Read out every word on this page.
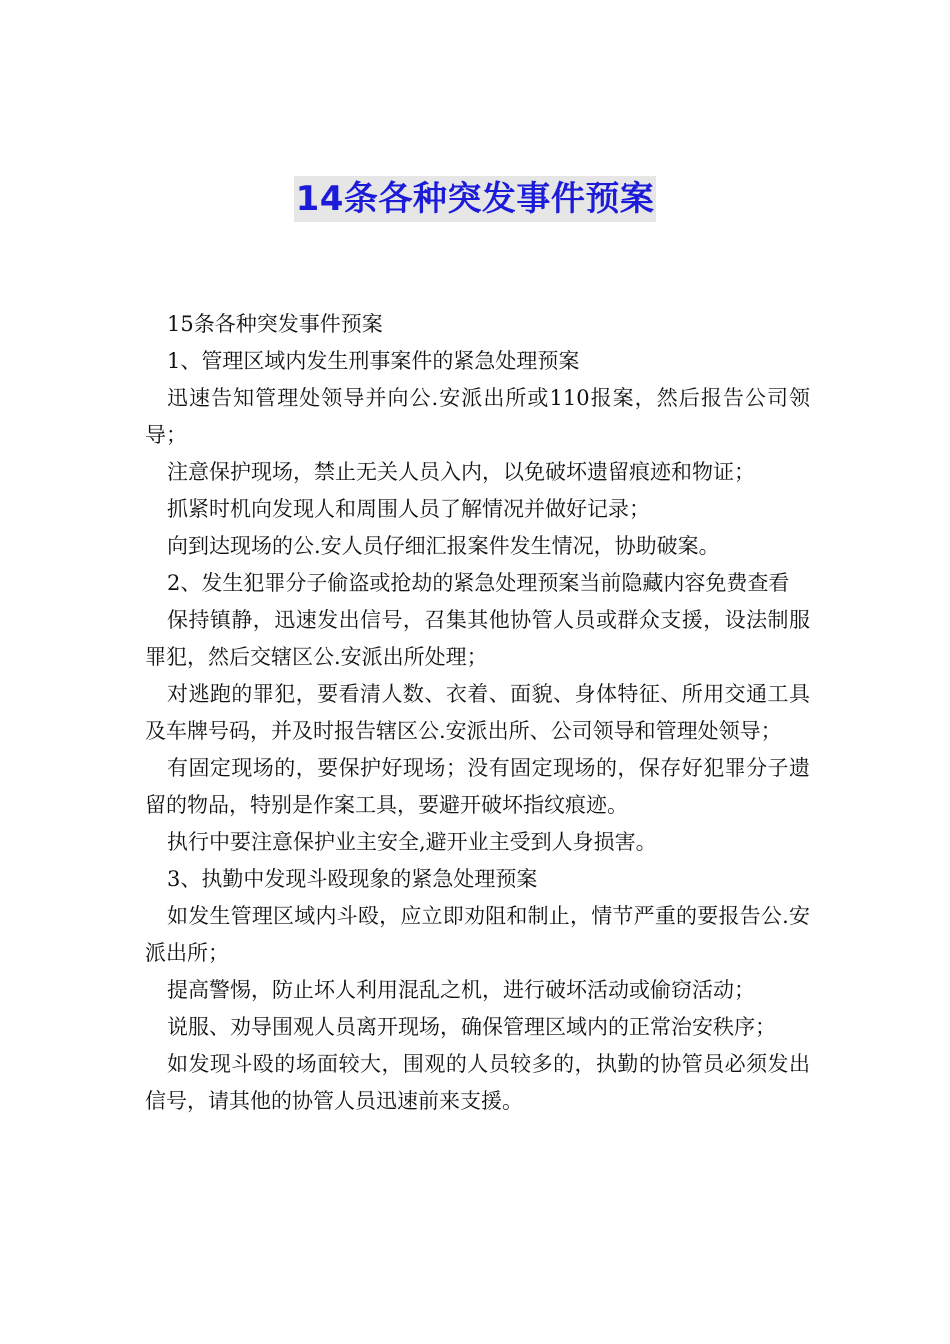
14条各种突发事件预案

15条各种突发事件预案

1、管理区域内发生刑事案件的紧急处理预案

迅速告知管理处领导并向公.安派出所或110报案，然后报告公司领导；

注意保护现场，禁止无关人员入内，以免破坏遗留痕迹和物证；

抓紧时机向发现人和周围人员了解情况并做好记录；

向到达现场的公.安人员仔细汇报案件发生情况，协助破案。

2、发生犯罪分子偷盗或抢劫的紧急处理预案当前隐藏内容免费查看

保持镇静，迅速发出信号，召集其他协管人员或群众支援，设法制服罪犯，然后交辖区公.安派出所处理；

对逃跑的罪犯，要看清人数、衣着、面貌、身体特征、所用交通工具及车牌号码，并及时报告辖区公.安派出所、公司领导和管理处领导；

有固定现场的，要保护好现场；没有固定现场的，保存好犯罪分子遗留的物品，特别是作案工具，要避开破坏指纹痕迹。

执行中要注意保护业主安全,避开业主受到人身损害。

3、执勤中发现斗殴现象的紧急处理预案

如发生管理区域内斗殴，应立即劝阻和制止，情节严重的要报告公.安派出所；

提高警惕，防止坏人利用混乱之机，进行破坏活动或偷窃活动；

说服、劝导围观人员离开现场，确保管理区域内的正常治安秩序；

如发现斗殴的场面较大，围观的人员较多的，执勤的协管员必须发出信号，请其他的协管人员迅速前来支援。
